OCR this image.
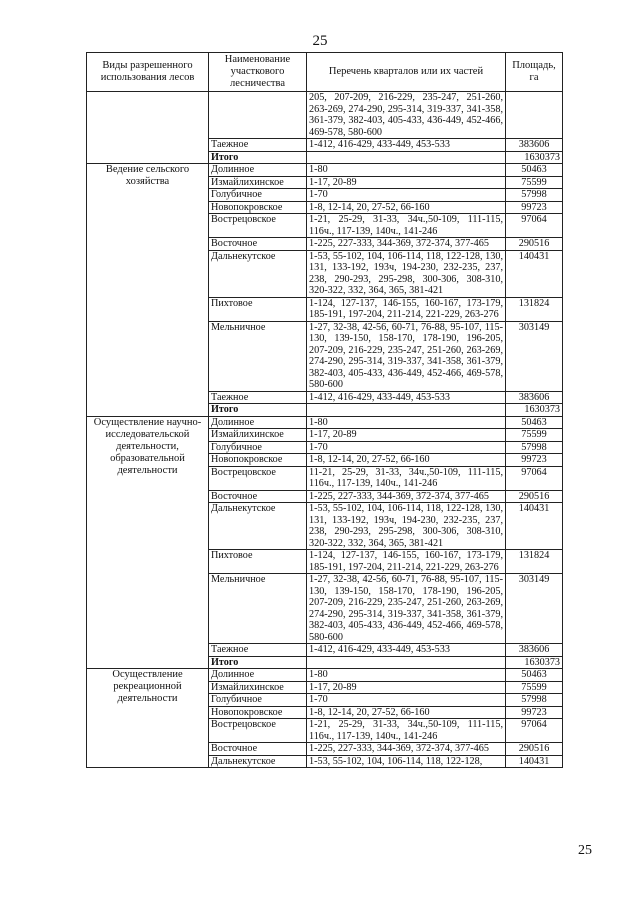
25
Виды разрешенного использования лесов	Наименование участкового лесничества	Перечень кварталов или их частей	Площадь, га
		205, 207-209, 216-229, 235-247, 251-260, 263-269, 274-290, 295-314, 319-337, 341-358, 361-379, 382-403, 405-433, 436-449, 452-466, 469-578, 580-600	
	Таежное	1-412, 416-429, 433-449, 453-533	383606
	Итого		1630373
Ведение сельского хозяйства	Долинное	1-80	50463
	Измайлихинское	1-17, 20-89	75599
	Голубичное	1-70	57998
	Новопокровское	1-8, 12-14, 20, 27-52, 66-160	99723
	Вострецовское	1-21, 25-29, 31-33, 34ч.,50-109, 111-115, 116ч., 117-139, 140ч., 141-246	97064
	Восточное	1-225, 227-333, 344-369, 372-374, 377-465	290516
	Дальнекутское	1-53, 55-102, 104, 106-114, 118, 122-128, 130, 131, 133-192, 193ч, 194-230, 232-235, 237, 238, 290-293, 295-298, 300-306, 308-310, 320-322, 332, 364, 365, 381-421	140431
	Пихтовое	1-124, 127-137, 146-155, 160-167, 173-179, 185-191, 197-204, 211-214, 221-229, 263-276	131824
	Мельничное	1-27, 32-38, 42-56, 60-71, 76-88, 95-107, 115-130, 139-150, 158-170, 178-190, 196-205, 207-209, 216-229, 235-247, 251-260, 263-269, 274-290, 295-314, 319-337, 341-358, 361-379, 382-403, 405-433, 436-449, 452-466, 469-578, 580-600	303149
	Таежное	1-412, 416-429, 433-449, 453-533	383606
	Итого		1630373
Осуществление научно-исследовательской деятельности, образовательной деятельности	Долинное	1-80	50463
	Измайлихинское	1-17, 20-89	75599
	Голубичное	1-70	57998
	Новопокровское	1-8, 12-14, 20, 27-52, 66-160	99723
	Вострецовское	11-21, 25-29, 31-33, 34ч.,50-109, 111-115, 116ч., 117-139, 140ч., 141-246	97064
	Восточное	1-225, 227-333, 344-369, 372-374, 377-465	290516
	Дальнекутское	1-53, 55-102, 104, 106-114, 118, 122-128, 130, 131, 133-192, 193ч, 194-230, 232-235, 237, 238, 290-293, 295-298, 300-306, 308-310, 320-322, 332, 364, 365, 381-421	140431
	Пихтовое	1-124, 127-137, 146-155, 160-167, 173-179, 185-191, 197-204, 211-214, 221-229, 263-276	131824
	Мельничное	1-27, 32-38, 42-56, 60-71, 76-88, 95-107, 115-130, 139-150, 158-170, 178-190, 196-205, 207-209, 216-229, 235-247, 251-260, 263-269, 274-290, 295-314, 319-337, 341-358, 361-379, 382-403, 405-433, 436-449, 452-466, 469-578, 580-600	303149
	Таежное	1-412, 416-429, 433-449, 453-533	383606
	Итого		1630373
Осуществление рекреационной деятельности	Долинное	1-80	50463
	Измайлихинское	1-17, 20-89	75599
	Голубичное	1-70	57998
	Новопокровское	1-8, 12-14, 20, 27-52, 66-160	99723
	Вострецовское	1-21, 25-29, 31-33, 34ч.,50-109, 111-115, 116ч., 117-139, 140ч., 141-246	97064
	Восточное	1-225, 227-333, 344-369, 372-374, 377-465	290516
	Дальнекутское	1-53, 55-102, 104, 106-114, 118, 122-128,	140431
25
